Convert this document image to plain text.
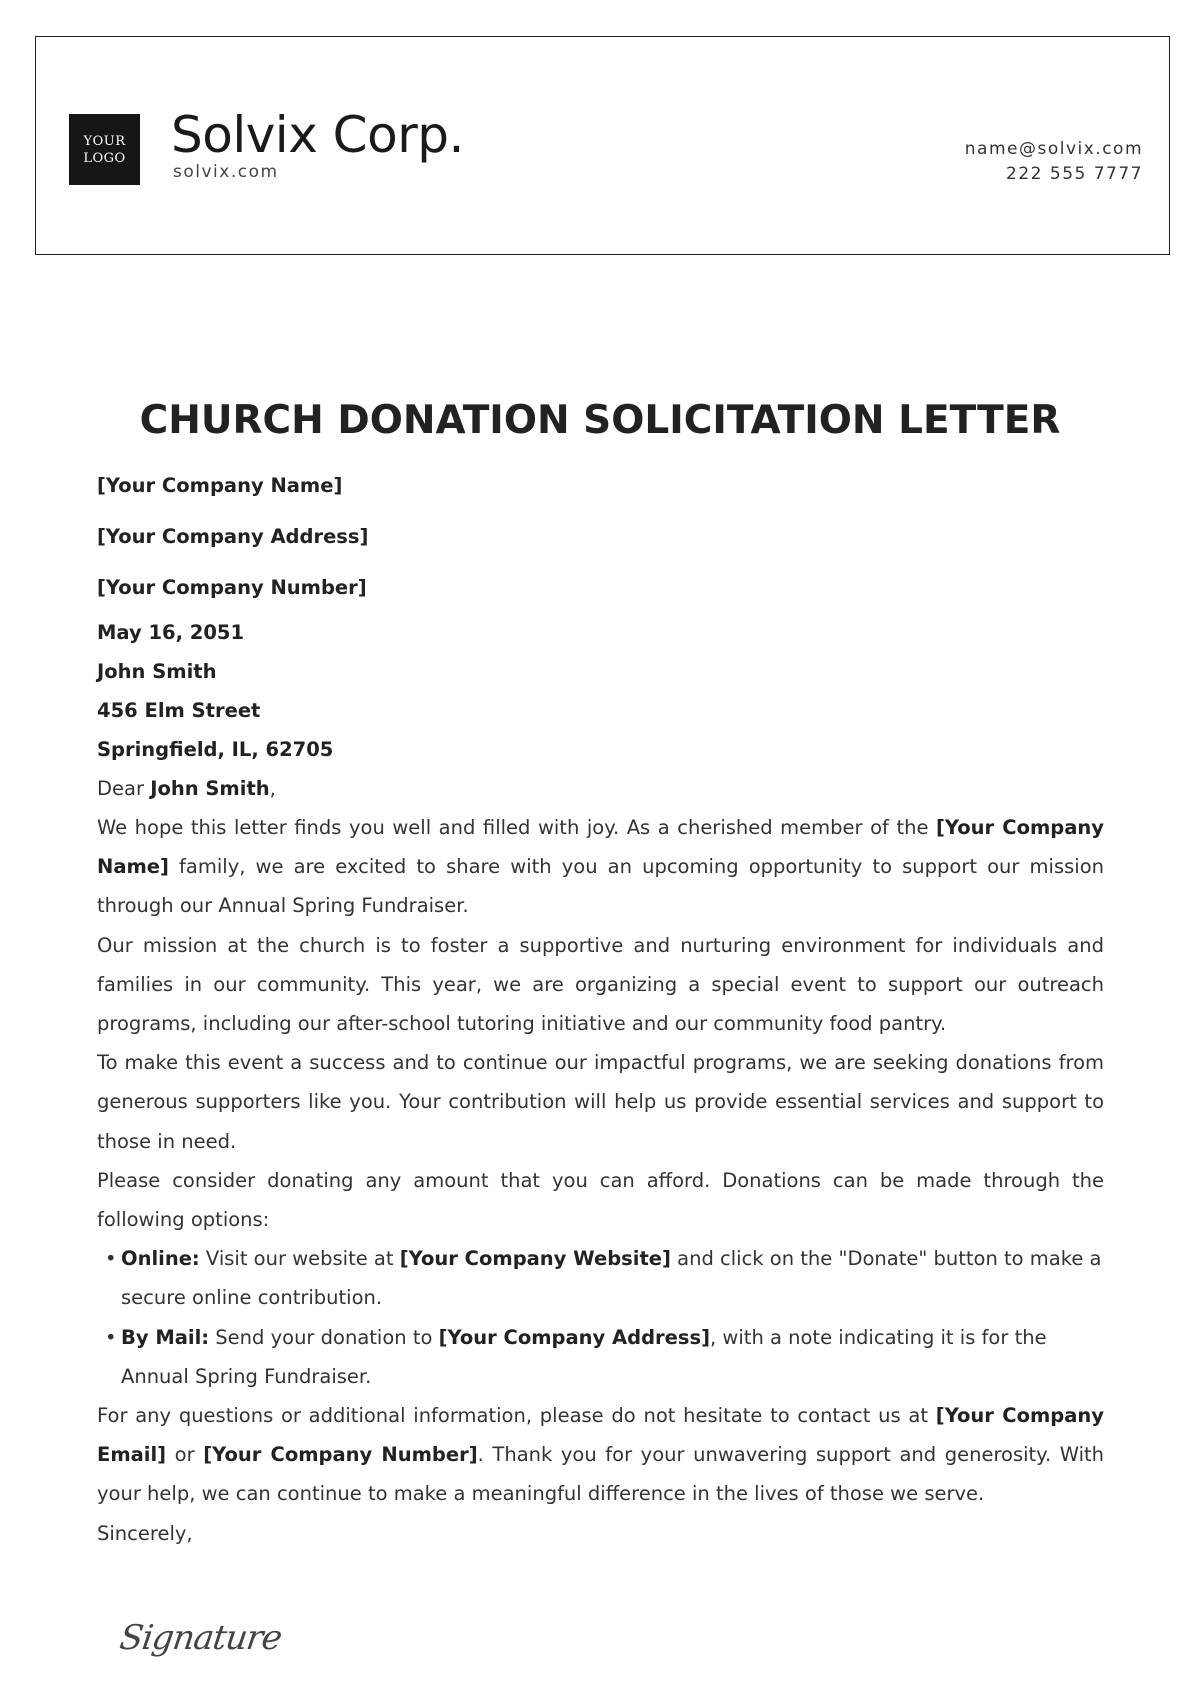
YOUR
LOGO Solvix Corp.
solvix.com
name@solvix.com
222 555 7777
CHURCH DONATION SOLICITATION LETTER
[Your Company Name]
[Your Company Address]
[Your Company Number]
May 16, 2051
John Smith
456 Elm Street
Springfield, IL, 62705
Dear John Smith,

We hope this letter finds you well and filled with joy. As a cherished member of the [Your Company Name] family, we are excited to share with you an upcoming opportunity to support our mission through our Annual Spring Fundraiser.

Our mission at the church is to foster a supportive and nurturing environment for individuals and families in our community. This year, we are organizing a special event to support our outreach programs, including our after-school tutoring initiative and our community food pantry.

To make this event a success and to continue our impactful programs, we are seeking donations from generous supporters like you. Your contribution will help us provide essential services and support to those in need.

Please consider donating any amount that you can afford. Donations can be made through the following options:

• Online: Visit our website at [Your Company Website] and click on the "Donate" button to make a secure online contribution.
• By Mail: Send your donation to [Your Company Address], with a note indicating it is for the Annual Spring Fundraiser.

For any questions or additional information, please do not hesitate to contact us at [Your Company Email] or [Your Company Number]. Thank you for your unwavering support and generosity. With your help, we can continue to make a meaningful difference in the lives of those we serve.

Sincerely,
Signature
